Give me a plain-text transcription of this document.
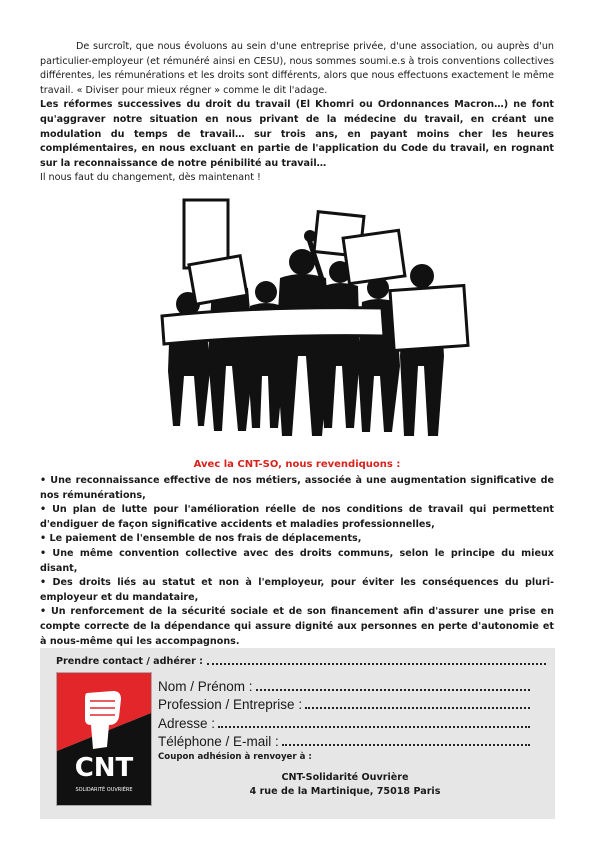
De surcroît, que nous évoluons au sein d'une entreprise privée, d'une association, ou auprès d'un particulier-employeur (et rémunéré ainsi en CESU), nous sommes soumi.e.s à trois conventions collectives différentes, les rémunérations et les droits sont différents, alors que nous effectuons exactement le même travail. « Diviser pour mieux régner » comme le dit l'adage.

Les réformes successives du droit du travail (El Khomri ou Ordonnances Macron…) ne font qu'aggraver notre situation en nous privant de la médecine du travail, en créant une modulation du temps de travail… sur trois ans, en payant moins cher les heures complémentaires, en nous excluant en partie de l'application du Code du travail, en rognant sur la reconnaissance de notre pénibilité au travail…

Il nous faut du changement, dès maintenant !

Avec la CNT-SO, nous revendiquons :

• Une reconnaissance effective de nos métiers, associée à une augmentation significative de nos rémunérations,
• Un plan de lutte pour l'amélioration réelle de nos conditions de travail qui permettent d'endiguer de façon significative accidents et maladies professionnelles,
• Le paiement de l'ensemble de nos frais de déplacements,
• Une même convention collective avec des droits communs, selon le principe du mieux disant,
• Des droits liés au statut et non à l'employeur, pour éviter les conséquences du pluri-employeur et du mandataire,
• Un renforcement de la sécurité sociale et de son financement afin d'assurer une prise en compte correcte de la dépendance qui assure dignité aux personnes en perte d'autonomie et à nous-même qui les accompagnons.
Prendre contact / adhérer :
CNT
SOLIDARITÉ OUVRIÈRE
Nom / Prénom :
Profession / Entreprise :
Adresse :
Téléphone / E-mail :
Coupon adhésion à renvoyer à :
CNT-Solidarité Ouvrière
4 rue de la Martinique, 75018 Paris
